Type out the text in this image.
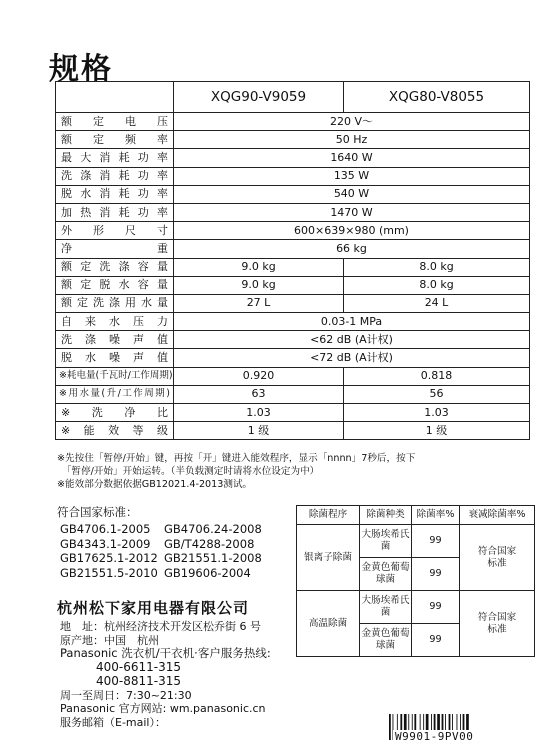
规格
	XQG90-V9059	XQG80-V8055
额定电压	220 V～	
额定频率	50 Hz	
最大消耗功率	1640 W	
洗涤消耗功率	135 W	
脱水消耗功率	540 W	
加热消耗功率	1470 W	
外形尺寸	600×639×980 (mm)	
净重	66 kg	
额定洗涤容量	9.0 kg	8.0 kg
额定脱水容量	9.0 kg	8.0 kg
额定洗涤用水量	27 L	24 L
自来水压力	0.03-1 MPa	
洗涤噪声值	<62 dB (A计权)	
脱水噪声值	<72 dB (A计权)	
※耗电量(千瓦时/工作周期)	0.920	0.818
※用水量(升/工作周期)	63	56
※洗净比	1.03	1.03
※能效等级	1 级	1 级
※先按住「暂停/开始」键，再按「开」键进入能效程序，显示「nnnn」7秒后，按下
　「暂停/开始」开始运转。（半负载测定时请将水位设定为中）
※能效部分数据依据GB12021.4-2013测试。
符合国家标准：
GB4706.1-2005 GB4706.24-2008
GB4343.1-2009 GB/T4288-2008
GB17625.1-2012 GB21551.1-2008
GB21551.5-2010 GB19606-2004
除菌程序	除菌种类	除菌率%	衰减除菌率%
银离子除菌	大肠埃希氏菌	99	符合国家标准
	金黄色葡萄球菌	99	
高温除菌	大肠埃希氏菌	99	符合国家标准
	金黄色葡萄球菌	99	
杭州松下家用电器有限公司
地　址：杭州经济技术开发区松乔街 6 号
原产地：中国　杭州
Panasonic 洗衣机/干衣机·客户服务热线:
400-6611-315
400-8811-315
周一至周日：7:30~21:30
Panasonic 官方网站: wm.panasonic.cn
服务邮箱（E-mail）：
W9901-9PV00
